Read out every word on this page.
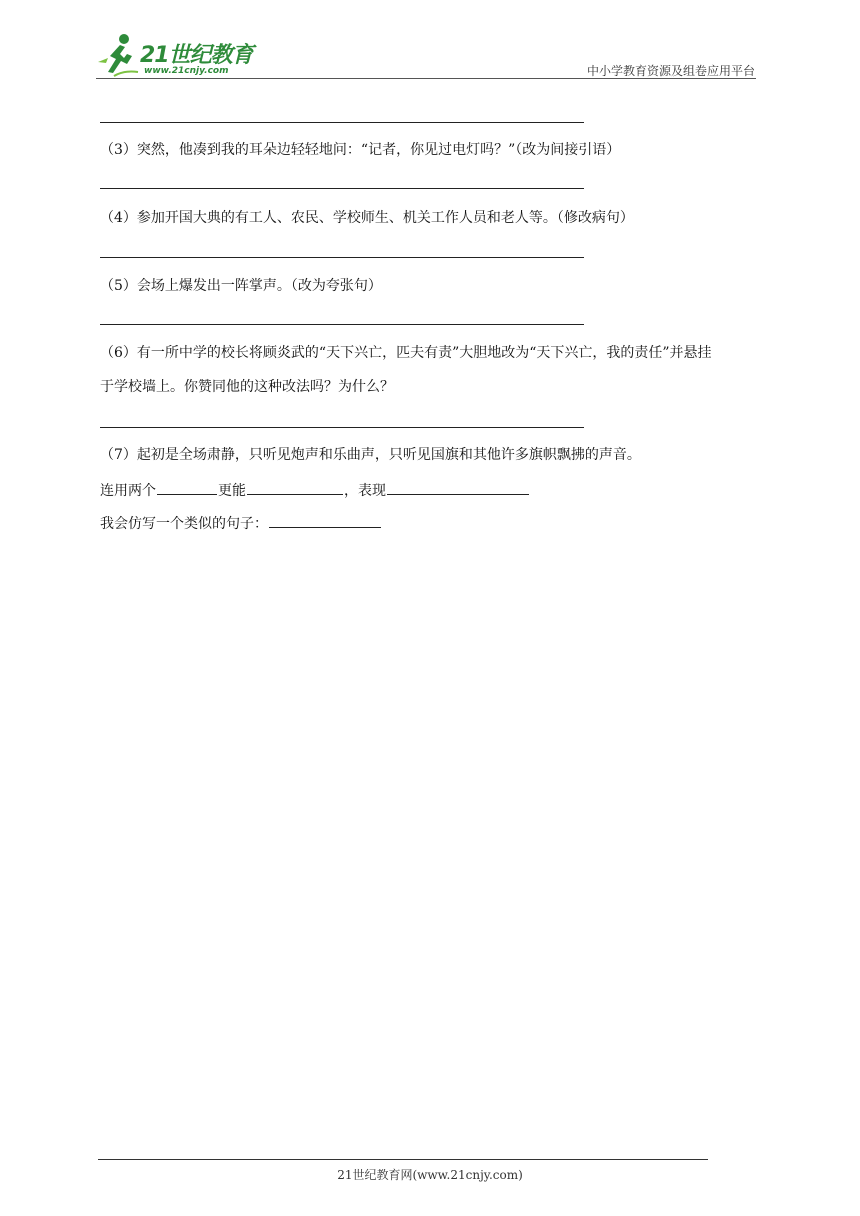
21世纪教育
www.21cnjy.com	中小学教育资源及组卷应用平台
（3）突然，他凑到我的耳朵边轻轻地问：“记者，你见过电灯吗？”（改为间接引语）
（4）参加开国大典的有工人、农民、学校师生、机关工作人员和老人等。（修改病句）
（5）会场上爆发出一阵掌声。（改为夸张句）
（6）有一所中学的校长将顾炎武的“天下兴亡，匹夫有责”大胆地改为“天下兴亡，我的责任”并悬挂
于学校墙上。你赞同他的这种改法吗？为什么？
（7）起初是全场肃静，只听见炮声和乐曲声，只听见国旗和其他许多旗帜飘拂的声音。
连用两个	更能	，表现
我会仿写一个类似的句子：
21世纪教育网(www.21cnjy.com)
